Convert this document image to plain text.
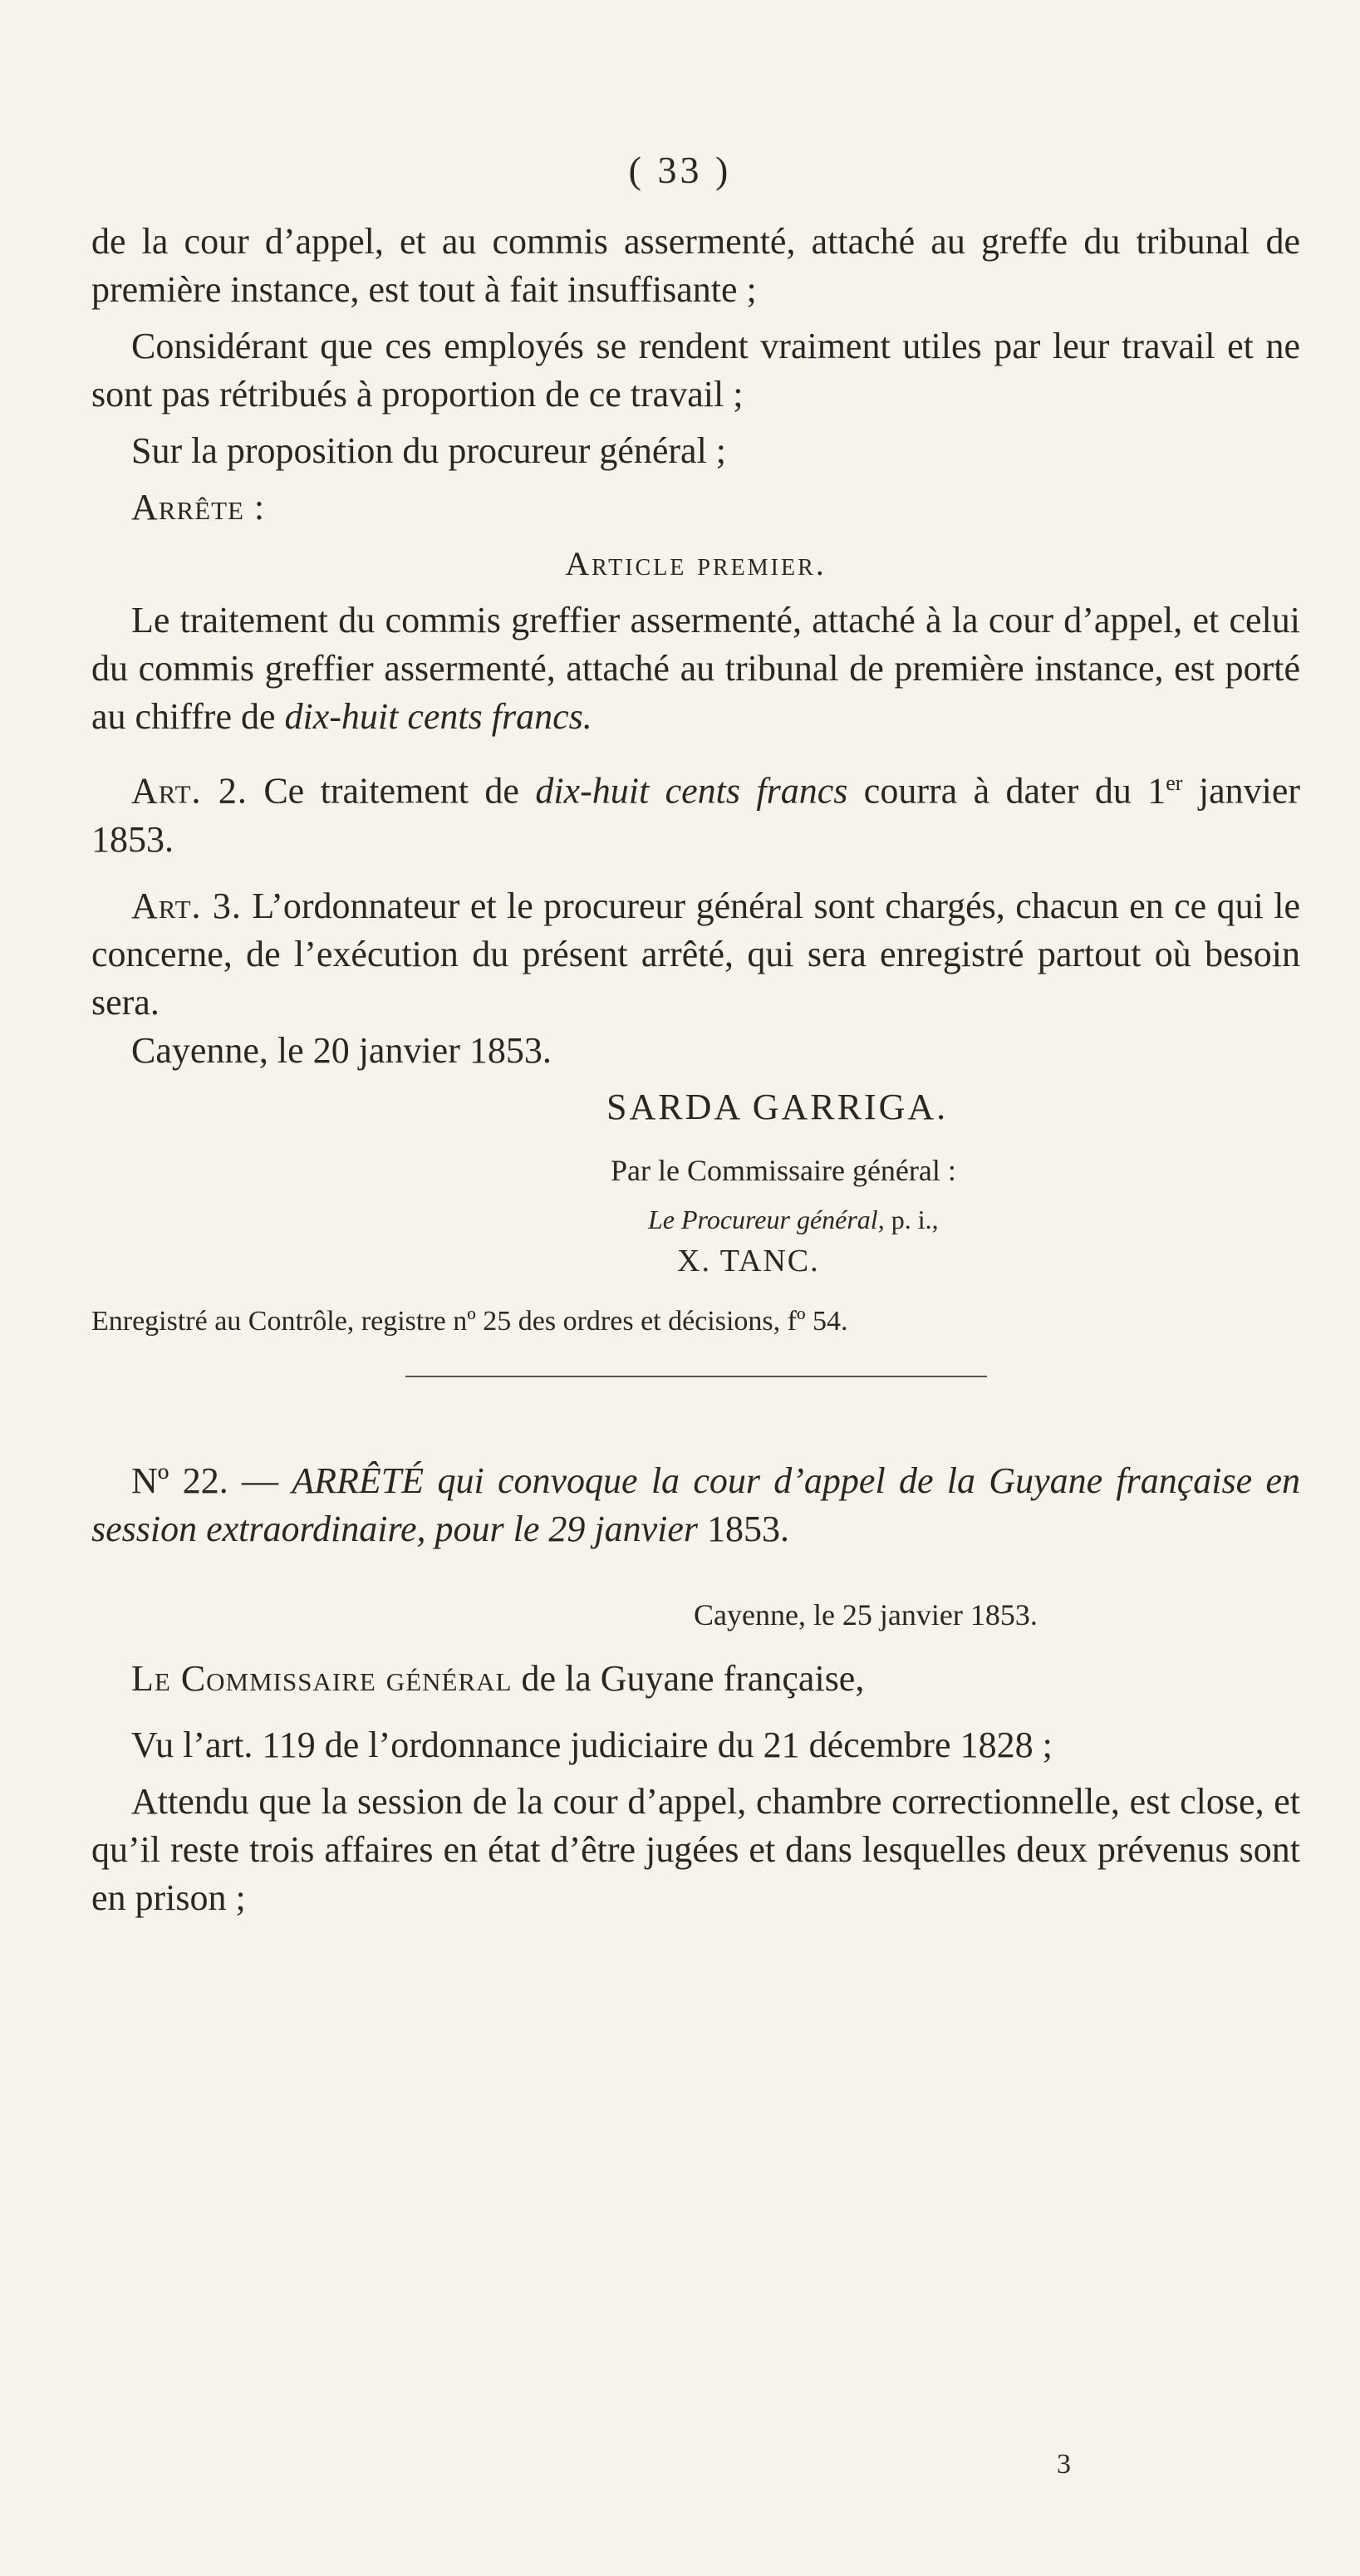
( 33 )

de la cour d’appel, et au commis assermenté, attaché au greffe du tribunal de première instance, est tout à fait insuffisante ;

Considérant que ces employés se rendent vraiment utiles par leur travail et ne sont pas rétribués à proportion de ce travail ;

Sur la proposition du procureur général ;

Arrête :

Article premier.

Le traitement du commis greffier assermenté, attaché à la cour d’appel, et celui du commis greffier assermenté, attaché au tribunal de première instance, est porté au chiffre de dix-huit cents francs.

Art. 2. Ce traitement de dix-huit cents francs courra à dater du 1er janvier 1853.

Art. 3. L’ordonnateur et le procureur général sont chargés, chacun en ce qui le concerne, de l’exécution du présent arrêté, qui sera enregistré partout où besoin sera.

Cayenne, le 20 janvier 1853.

SARDA GARRIGA.

Par le Commissaire général :

Le Procureur général, p. i.,

X. TANC.

Enregistré au Contrôle, registre nº 25 des ordres et décisions, fº 54.

Nº 22. — ARRÊTÉ qui convoque la cour d’appel de la Guyane française en session extraordinaire, pour le 29 janvier 1853.

Cayenne, le 25 janvier 1853.

Le Commissaire général de la Guyane française,

Vu l’art. 119 de l’ordonnance judiciaire du 21 décembre 1828 ;

Attendu que la session de la cour d’appel, chambre correctionnelle, est close, et qu’il reste trois affaires en état d’être jugées et dans lesquelles deux prévenus sont en prison ;

3
